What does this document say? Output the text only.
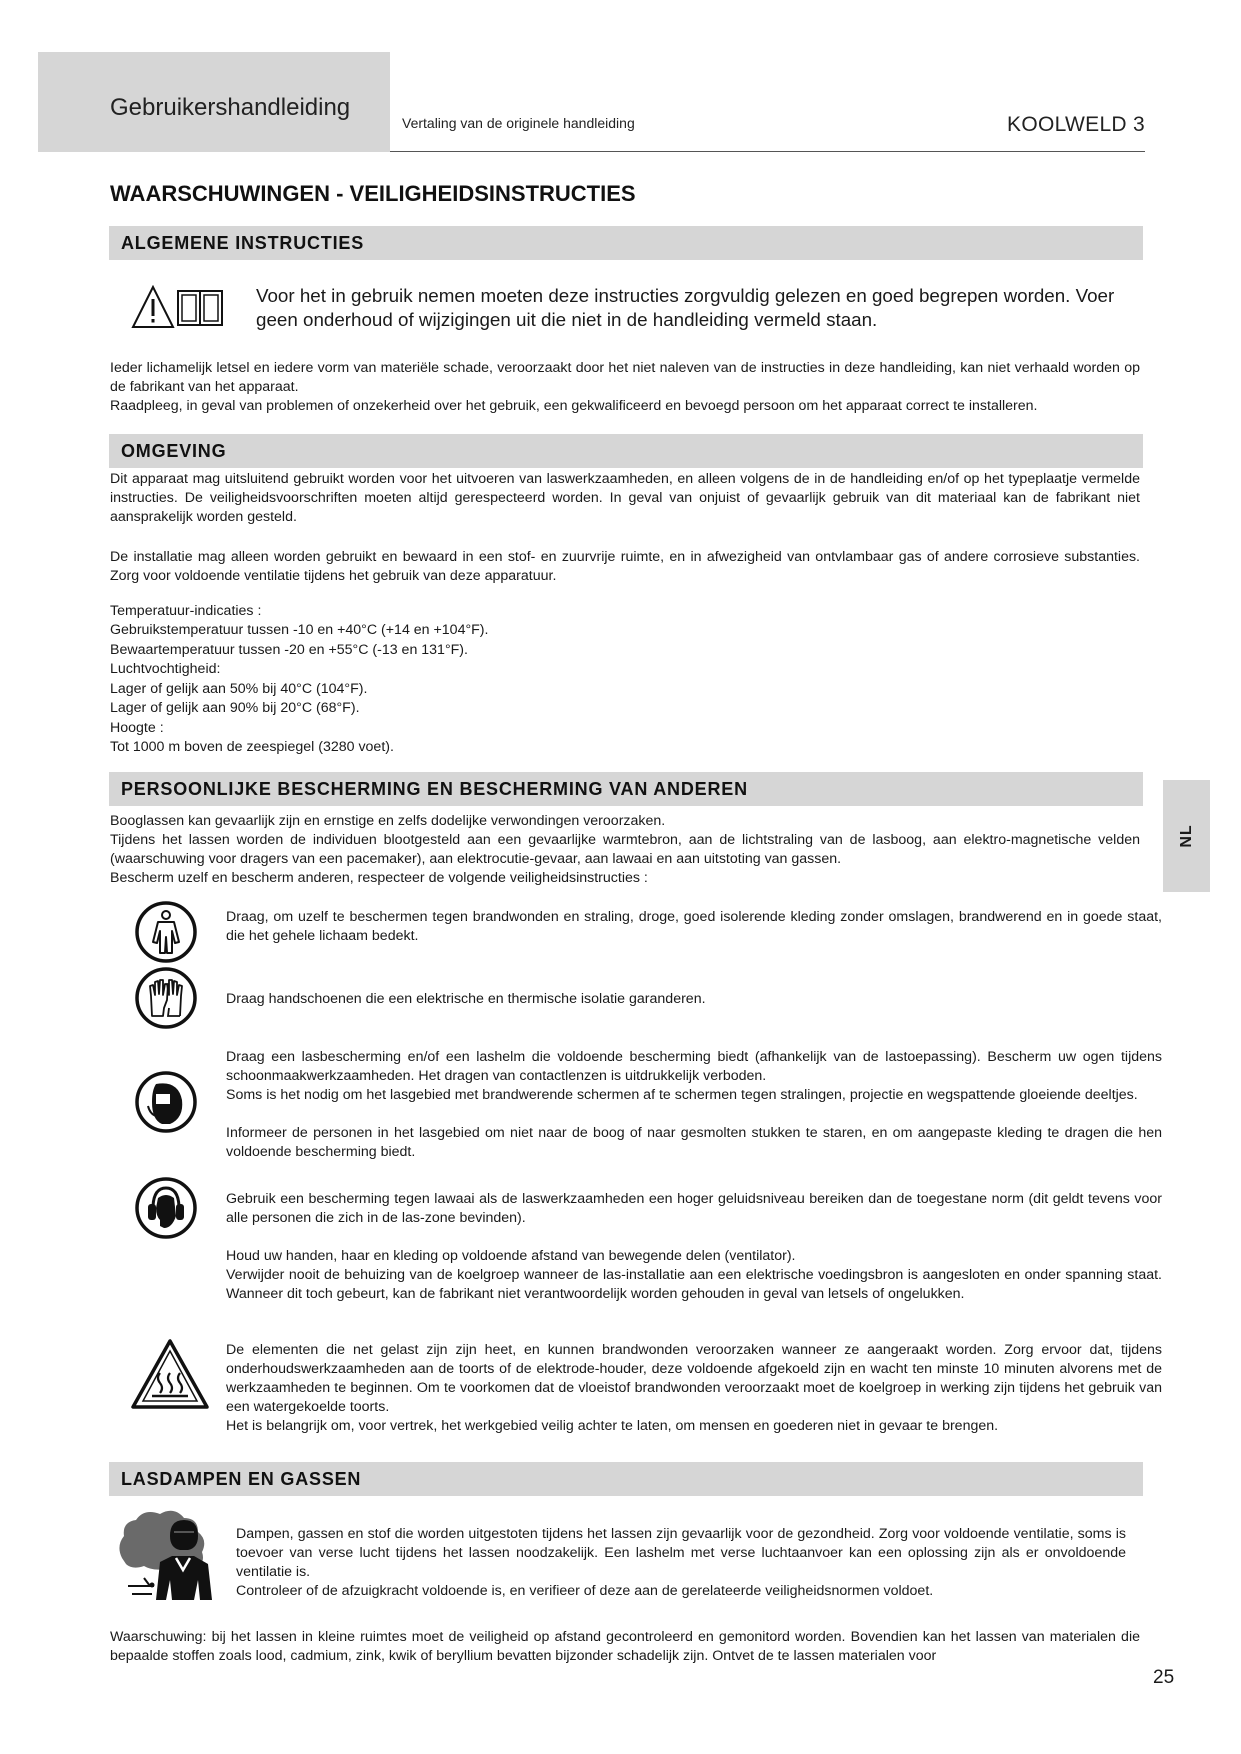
Gebruikershandleiding
Vertaling van de originele handleiding	KOOLWELD 3
WAARSCHUWINGEN - VEILIGHEIDSINSTRUCTIES
ALGEMENE INSTRUCTIES
Voor het in gebruik nemen moeten deze instructies zorgvuldig gelezen en goed begrepen worden. Voer geen onderhoud of wijzigingen uit die niet in de handleiding vermeld staan.
Ieder lichamelijk letsel en iedere vorm van materiële schade, veroorzaakt door het niet naleven van de instructies in deze handleiding, kan niet verhaald worden op de fabrikant van het apparaat.
Raadpleeg, in geval van problemen of onzekerheid over het gebruik, een gekwalificeerd en bevoegd persoon om het apparaat correct te installeren.
OMGEVING
Dit apparaat mag uitsluitend gebruikt worden voor het uitvoeren van laswerkzaamheden, en alleen volgens de in de handleiding en/of op het typeplaatje vermelde instructies. De veiligheidsvoorschriften moeten altijd gerespecteerd worden. In geval van onjuist of gevaarlijk gebruik van dit materiaal kan de fabrikant niet aansprakelijk worden gesteld.
De installatie mag alleen worden gebruikt en bewaard in een stof- en zuurvrije ruimte, en in afwezigheid van ontvlambaar gas of andere corrosieve substanties. Zorg voor voldoende ventilatie tijdens het gebruik van deze apparatuur.
Temperatuur-indicaties :
Gebruikstemperatuur tussen -10 en +40°C (+14 en +104°F).
Bewaartemperatuur tussen -20 en +55°C (-13 en 131°F).
Luchtvochtigheid:
Lager of gelijk aan 50% bij 40°C (104°F).
Lager of gelijk aan 90% bij 20°C (68°F).
Hoogte :
Tot 1000 m boven de zeespiegel (3280 voet).
PERSOONLIJKE BESCHERMING EN BESCHERMING VAN ANDEREN
NL
Booglassen kan gevaarlijk zijn en ernstige en zelfs dodelijke verwondingen veroorzaken.
Tijdens het lassen worden de individuen blootgesteld aan een gevaarlijke warmtebron, aan de lichtstraling van de lasboog, aan elektro-magnetische velden (waarschuwing voor dragers van een pacemaker), aan elektrocutie-gevaar, aan lawaai en aan uitstoting van gassen.
Bescherm uzelf en bescherm anderen, respecteer de volgende veiligheidsinstructies :
Draag, om uzelf te beschermen tegen brandwonden en straling, droge, goed isolerende kleding zonder omslagen, brandwerend en in goede staat, die het gehele lichaam bedekt.
Draag handschoenen die een elektrische en thermische isolatie garanderen.
Draag een lasbescherming en/of een lashelm die voldoende bescherming biedt (afhankelijk van de lastoepassing). Bescherm uw ogen tijdens schoonmaakwerkzaamheden. Het dragen van contactlenzen is uitdrukkelijk verboden.
Soms is het nodig om het lasgebied met brandwerende schermen af te schermen tegen stralingen, projectie en wegspattende gloeiende deeltjes.
Informeer de personen in het lasgebied om niet naar de boog of naar gesmolten stukken te staren, en om aangepaste kleding te dragen die hen voldoende bescherming biedt.
Gebruik een bescherming tegen lawaai als de laswerkzaamheden een hoger geluidsniveau bereiken dan de toegestane norm (dit geldt tevens voor alle personen die zich in de las-zone bevinden).
Houd uw handen, haar en kleding op voldoende afstand van bewegende delen (ventilator).
Verwijder nooit de behuizing van de koelgroep wanneer de las-installatie aan een elektrische voedingsbron is aangesloten en onder spanning staat. Wanneer dit toch gebeurt, kan de fabrikant niet verantwoordelijk worden gehouden in geval van letsels of ongelukken.
De elementen die net gelast zijn zijn heet, en kunnen brandwonden veroorzaken wanneer ze aangeraakt worden. Zorg ervoor dat, tijdens onderhoudswerkzaamheden aan de toorts of de elektrode-houder, deze voldoende afgekoeld zijn en wacht ten minste 10 minuten alvorens met de werkzaamheden te beginnen. Om te voorkomen dat de vloeistof brandwonden veroorzaakt moet de koelgroep in werking zijn tijdens het gebruik van een watergekoelde toorts.
Het is belangrijk om, voor vertrek, het werkgebied veilig achter te laten, om mensen en goederen niet in gevaar te brengen.
LASDAMPEN EN GASSEN
Dampen, gassen en stof die worden uitgestoten tijdens het lassen zijn gevaarlijk voor de gezondheid. Zorg voor voldoende ventilatie, soms is toevoer van verse lucht tijdens het lassen noodzakelijk. Een lashelm met verse luchtaanvoer kan een oplossing zijn als er onvoldoende ventilatie is.
Controleer of de afzuigkracht voldoende is, en verifieer of deze aan de gerelateerde veiligheidsnormen voldoet.
Waarschuwing: bij het lassen in kleine ruimtes moet de veiligheid op afstand gecontroleerd en gemonitord worden. Bovendien kan het lassen van materialen die bepaalde stoffen zoals lood, cadmium, zink, kwik of beryllium bevatten bijzonder schadelijk zijn. Ontvet de te lassen materialen voor
25
